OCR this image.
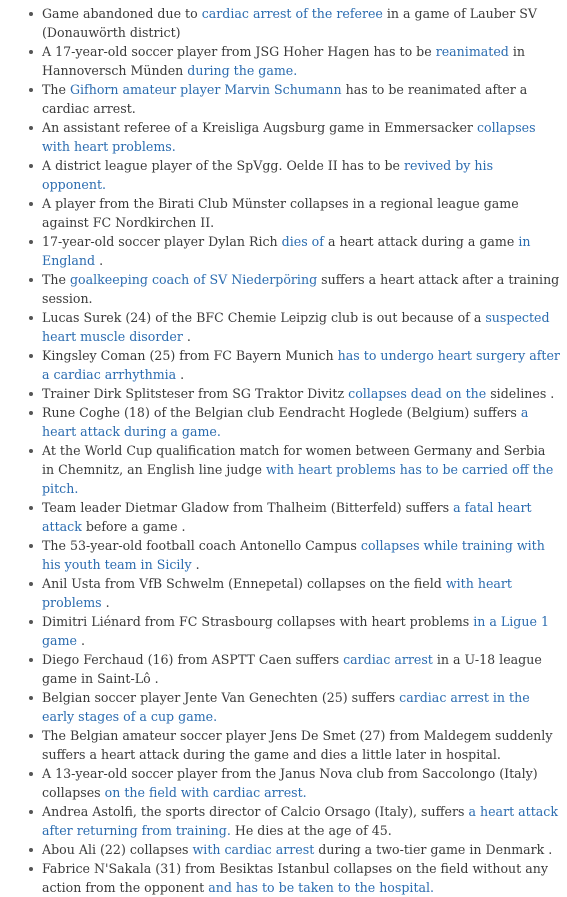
Game abandoned due to cardiac arrest of the referee in a game of Lauber SV (Donauwörth district)
A 17-year-old soccer player from JSG Hoher Hagen has to be reanimated in Hannoversch Münden during the game.
The Gifhorn amateur player Marvin Schumann has to be reanimated after a cardiac arrest.
An assistant referee of a Kreisliga Augsburg game in Emmersacker collapses with heart problems.
A district league player of the SpVgg. Oelde II has to be revived by his opponent.
A player from the Birati Club Münster collapses in a regional league game against FC Nordkirchen II.
17-year-old soccer player Dylan Rich dies of a heart attack during a game in England .
The goalkeeping coach of SV Niederpöring suffers a heart attack after a training session.
Lucas Surek (24) of the BFC Chemie Leipzig club is out because of a suspected heart muscle disorder .
Kingsley Coman (25) from FC Bayern Munich has to undergo heart surgery after a cardiac arrhythmia .
Trainer Dirk Splitsteser from SG Traktor Divitz collapses dead on the sidelines .
Rune Coghe (18) of the Belgian club Eendracht Hoglede (Belgium) suffers a heart attack during a game.
At the World Cup qualification match for women between Germany and Serbia in Chemnitz, an English line judge with heart problems has to be carried off the pitch.
Team leader Dietmar Gladow from Thalheim (Bitterfeld) suffers a fatal heart attack before a game .
The 53-year-old football coach Antonello Campus collapses while training with his youth team in Sicily .
Anil Usta from VfB Schwelm (Ennepetal) collapses on the field with heart problems .
Dimitri Liénard from FC Strasbourg collapses with heart problems in a Ligue 1 game .
Diego Ferchaud (16) from ASPTT Caen suffers cardiac arrest in a U-18 league game in Saint-Lô .
Belgian soccer player Jente Van Genechten (25) suffers cardiac arrest in the early stages of a cup game.
The Belgian amateur soccer player Jens De Smet (27) from Maldegem suddenly suffers a heart attack during the game and dies a little later in hospital.
A 13-year-old soccer player from the Janus Nova club from Saccolongo (Italy) collapses on the field with cardiac arrest.
Andrea Astolfi, the sports director of Calcio Orsago (Italy), suffers a heart attack after returning from training. He dies at the age of 45.
Abou Ali (22) collapses with cardiac arrest during a two-tier game in Denmark .
Fabrice N'Sakala (31) from Besiktas Istanbul collapses on the field without any action from the opponent and has to be taken to the hospital.
